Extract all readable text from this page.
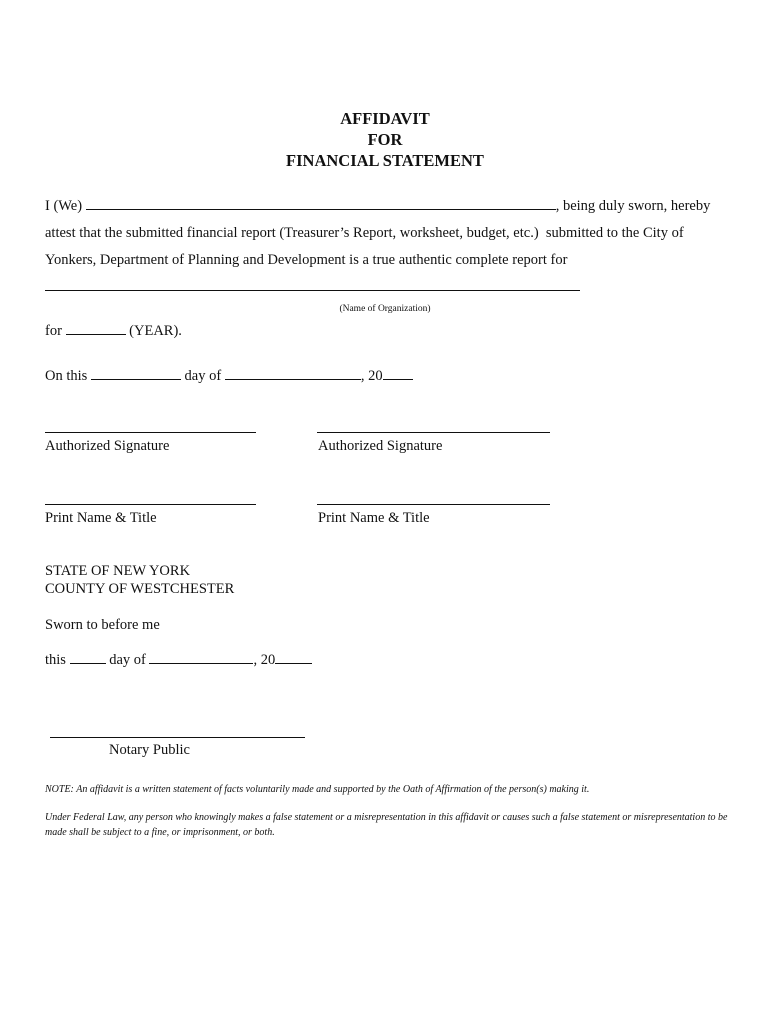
AFFIDAVIT
FOR
FINANCIAL STATEMENT
I (We)	, being duly sworn, hereby
attest that the submitted financial report (Treasurer’s Report, worksheet, budget, etc.)  submitted to the City of
Yonkers, Department of Planning and Development is a true authentic complete report for
(Name of Organization)
for	(YEAR).
On this	day of	, 20
Authorized Signature	Authorized Signature
Print Name & Title	Print Name & Title
STATE OF NEW YORK
COUNTY OF WESTCHESTER
Sworn to before me
this	day of	, 20
Notary Public
NOTE: An affidavit is a written statement of facts voluntarily made and supported by the Oath of Affirmation of the person(s) making it.
Under Federal Law, any person who knowingly makes a false statement or a misrepresentation in this affidavit or causes such a false statement or misrepresentation to be made shall be subject to a fine, or imprisonment, or both.
